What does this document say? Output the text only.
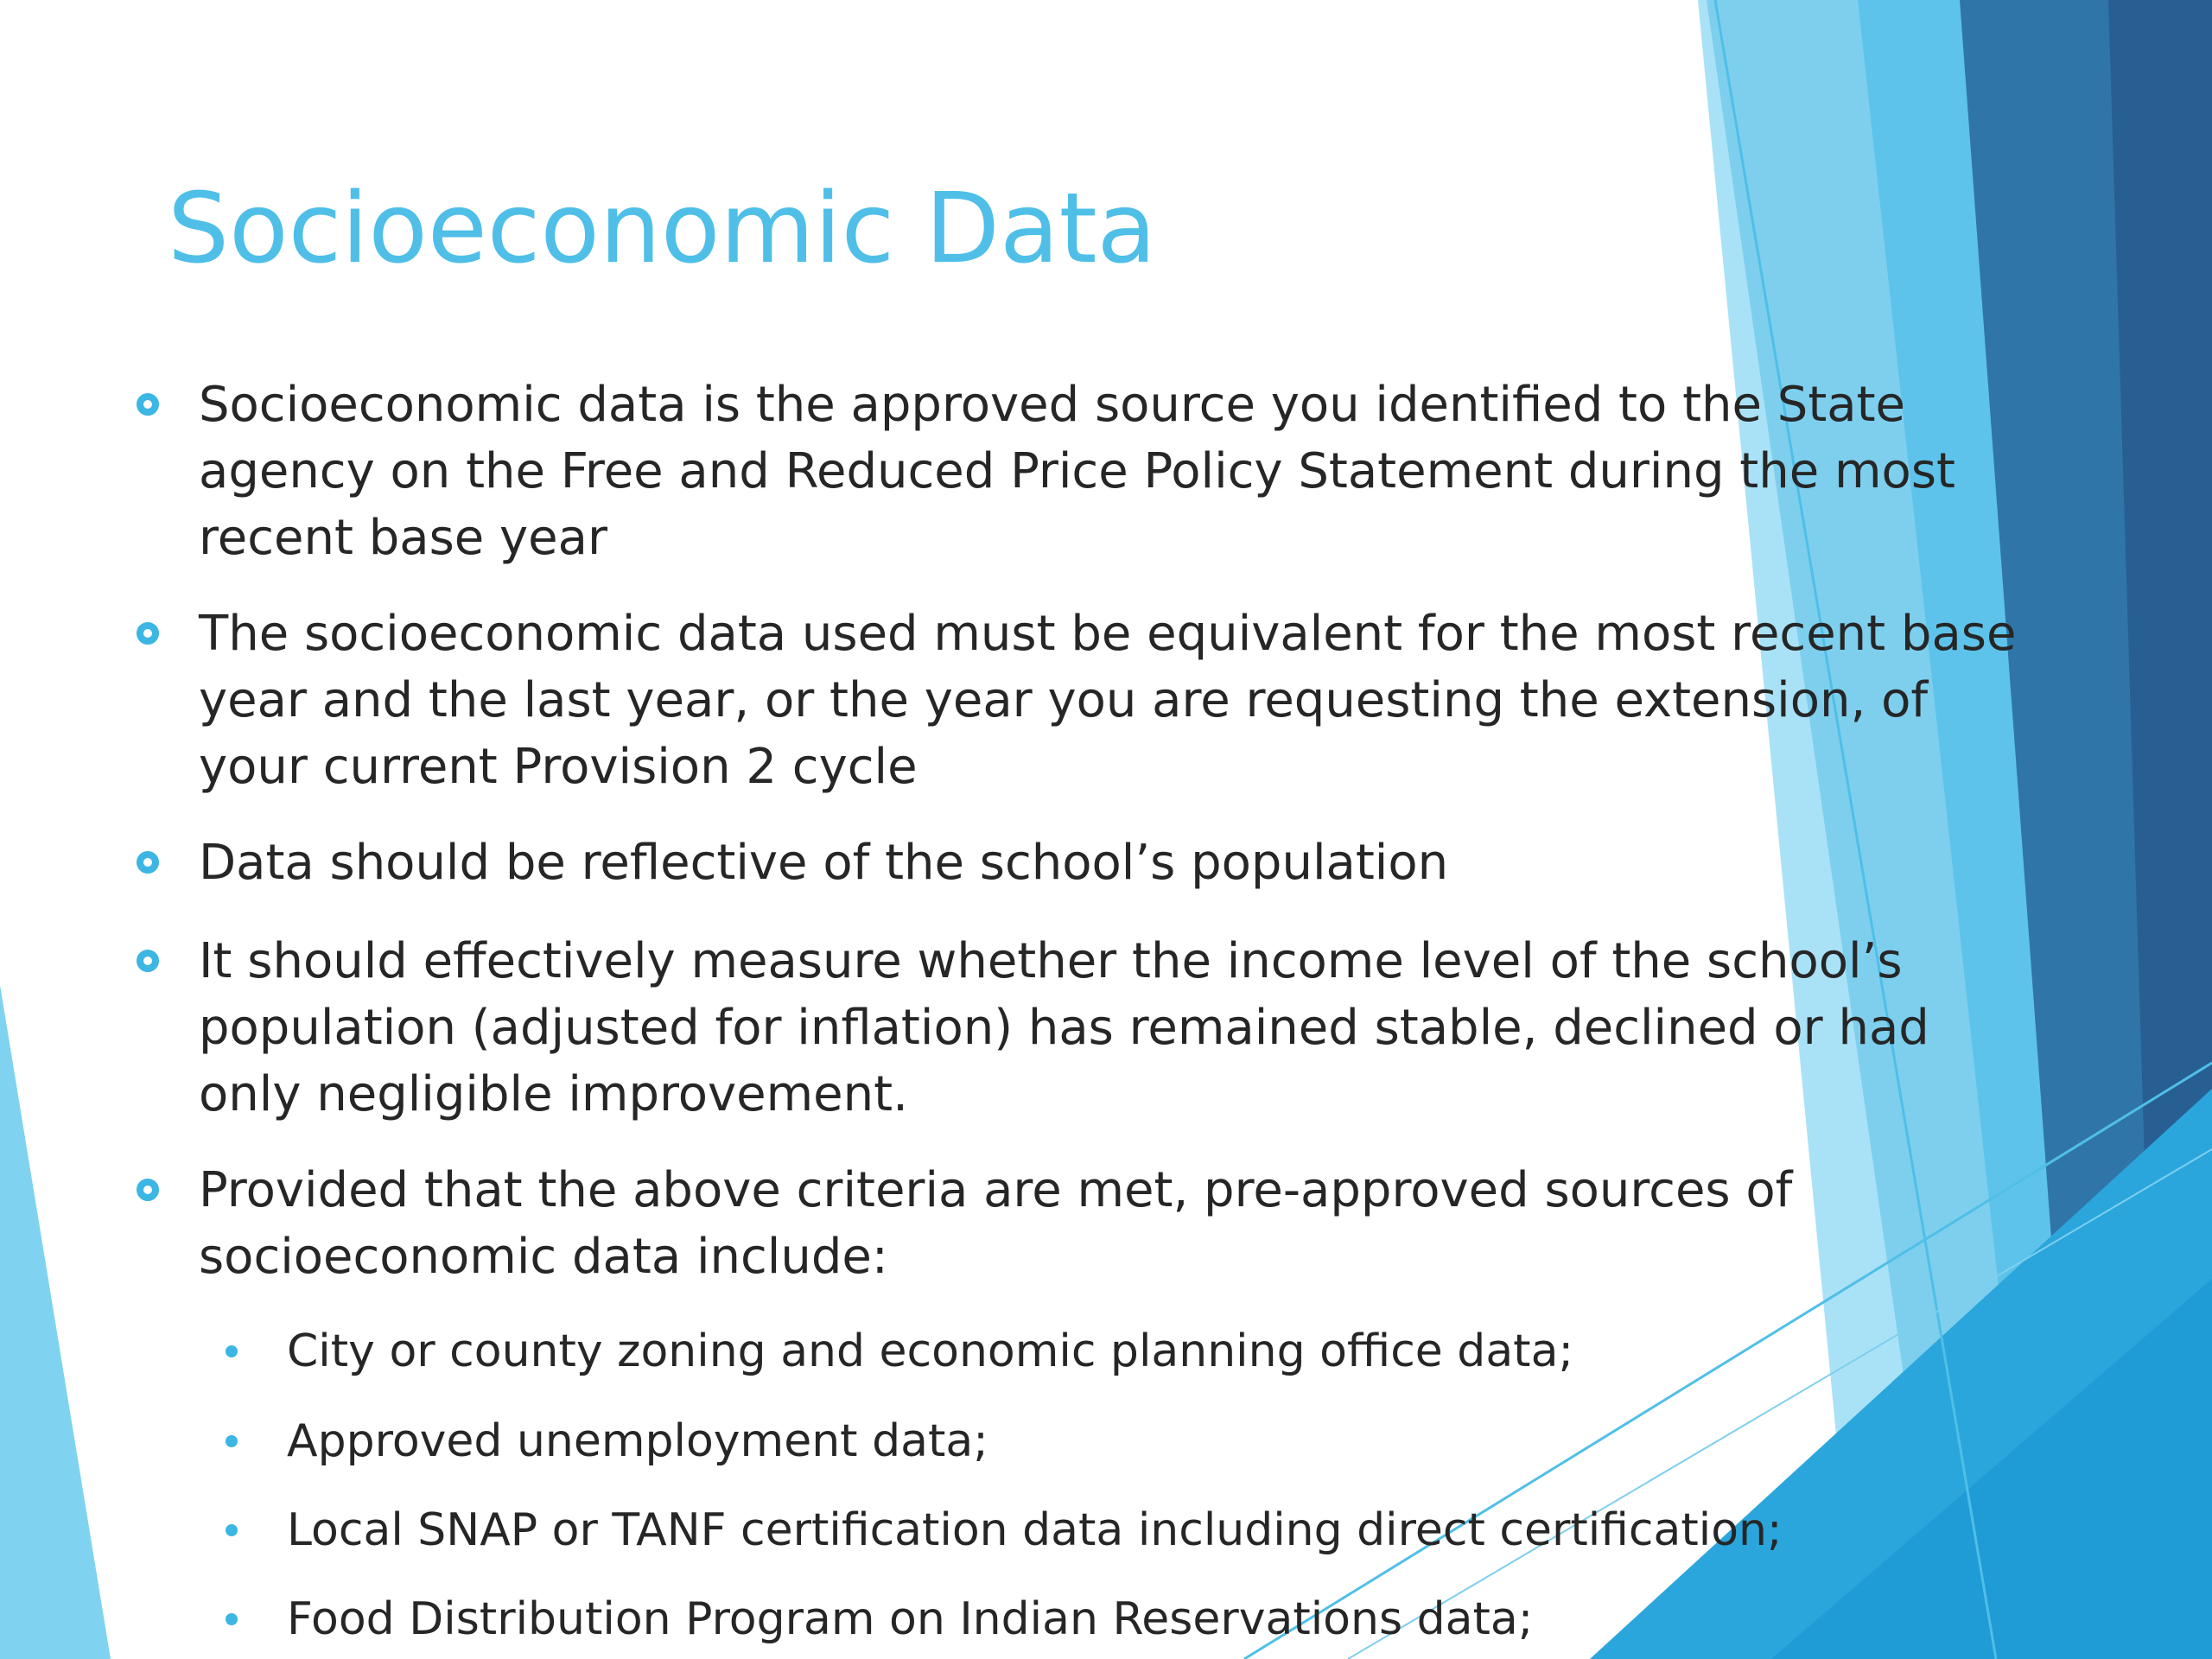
Socioeconomic Data

Socioeconomic data is the approved source you identified to the State
agency on the Free and Reduced Price Policy Statement during the most
recent base year

The socioeconomic data used must be equivalent for the most recent base
year and the last year, or the year you are requesting the extension, of
your current Provision 2 cycle

Data should be reflective of the school’s population

It should effectively measure whether the income level of the school’s
population (adjusted for inflation) has remained stable, declined or had
only negligible improvement.

Provided that the above criteria are met, pre-approved sources of
socioeconomic data include:

City or county zoning and economic planning office data;

Approved unemployment data;

Local SNAP or TANF certification data including direct certification;

Food Distribution Program on Indian Reservations data;
